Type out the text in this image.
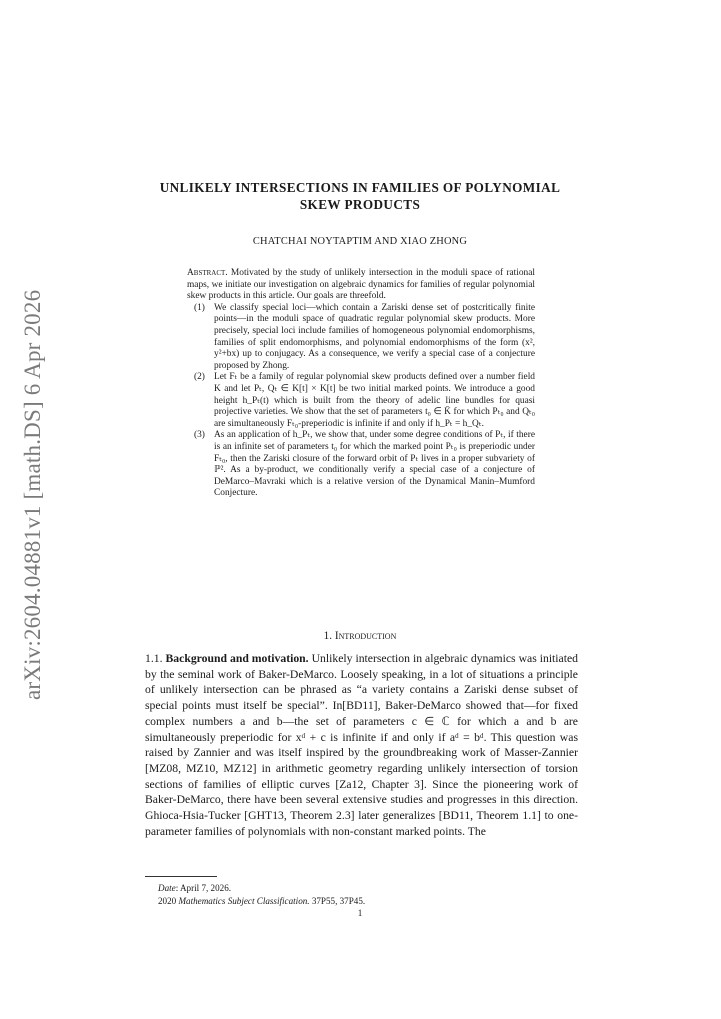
arXiv:2604.04881v1 [math.DS] 6 Apr 2026
UNLIKELY INTERSECTIONS IN FAMILIES OF POLYNOMIAL SKEW PRODUCTS
CHATCHAI NOYTAPTIM AND XIAO ZHONG
Abstract. Motivated by the study of unlikely intersection in the moduli space of rational maps, we initiate our investigation on algebraic dynamics for families of regular polynomial skew products in this article. Our goals are threefold.
(1) We classify special loci—which contain a Zariski dense set of postcritically finite points—in the moduli space of quadratic regular polynomial skew products. More precisely, special loci include families of homogeneous polynomial endomorphisms, families of split endomorphisms, and polynomial endomorphisms of the form (x², y²+bx) up to conjugacy. As a consequence, we verify a special case of a conjecture proposed by Zhong.
(2) Let Fₜ be a family of regular polynomial skew products defined over a number field K and let Pₜ, Qₜ ∈ K[t] × K[t] be two initial marked points. We introduce a good height h_Pₜ(t) which is built from the theory of adelic line bundles for quasi projective varieties. We show that the set of parameters t₀ ∈ K̄ for which Pₜ₀ and Qₜ₀ are simultaneously Fₜ₀-preperiodic is infinite if and only if h_Pₜ = h_Qₜ.
(3) As an application of h_Pₜ, we show that, under some degree conditions of Pₜ, if there is an infinite set of parameters t₀ for which the marked point Pₜ₀ is preperiodic under Fₜ₀, then the Zariski closure of the forward orbit of Pₜ lives in a proper subvariety of ℙ². As a by-product, we conditionally verify a special case of a conjecture of DeMarco–Mavraki which is a relative version of the Dynamical Manin–Mumford Conjecture.
1. Introduction
1.1. Background and motivation. Unlikely intersection in algebraic dynamics was initiated by the seminal work of Baker-DeMarco. Loosely speaking, in a lot of situations a principle of unlikely intersection can be phrased as “a variety contains a Zariski dense subset of special points must itself be special”. In[BD11], Baker-DeMarco showed that—for fixed complex numbers a and b—the set of parameters c ∈ ℂ for which a and b are simultaneously preperiodic for xᵈ + c is infinite if and only if aᵈ = bᵈ. This question was raised by Zannier and was itself inspired by the groundbreaking work of Masser-Zannier [MZ08, MZ10, MZ12] in arithmetic geometry regarding unlikely intersection of torsion sections of families of elliptic curves [Za12, Chapter 3]. Since the pioneering work of Baker-DeMarco, there have been several extensive studies and progresses in this direction. Ghioca-Hsia-Tucker [GHT13, Theorem 2.3] later generalizes [BD11, Theorem 1.1] to one-parameter families of polynomials with non-constant marked points. The
Date: April 7, 2026.
2020 Mathematics Subject Classification. 37P55, 37P45.
1
